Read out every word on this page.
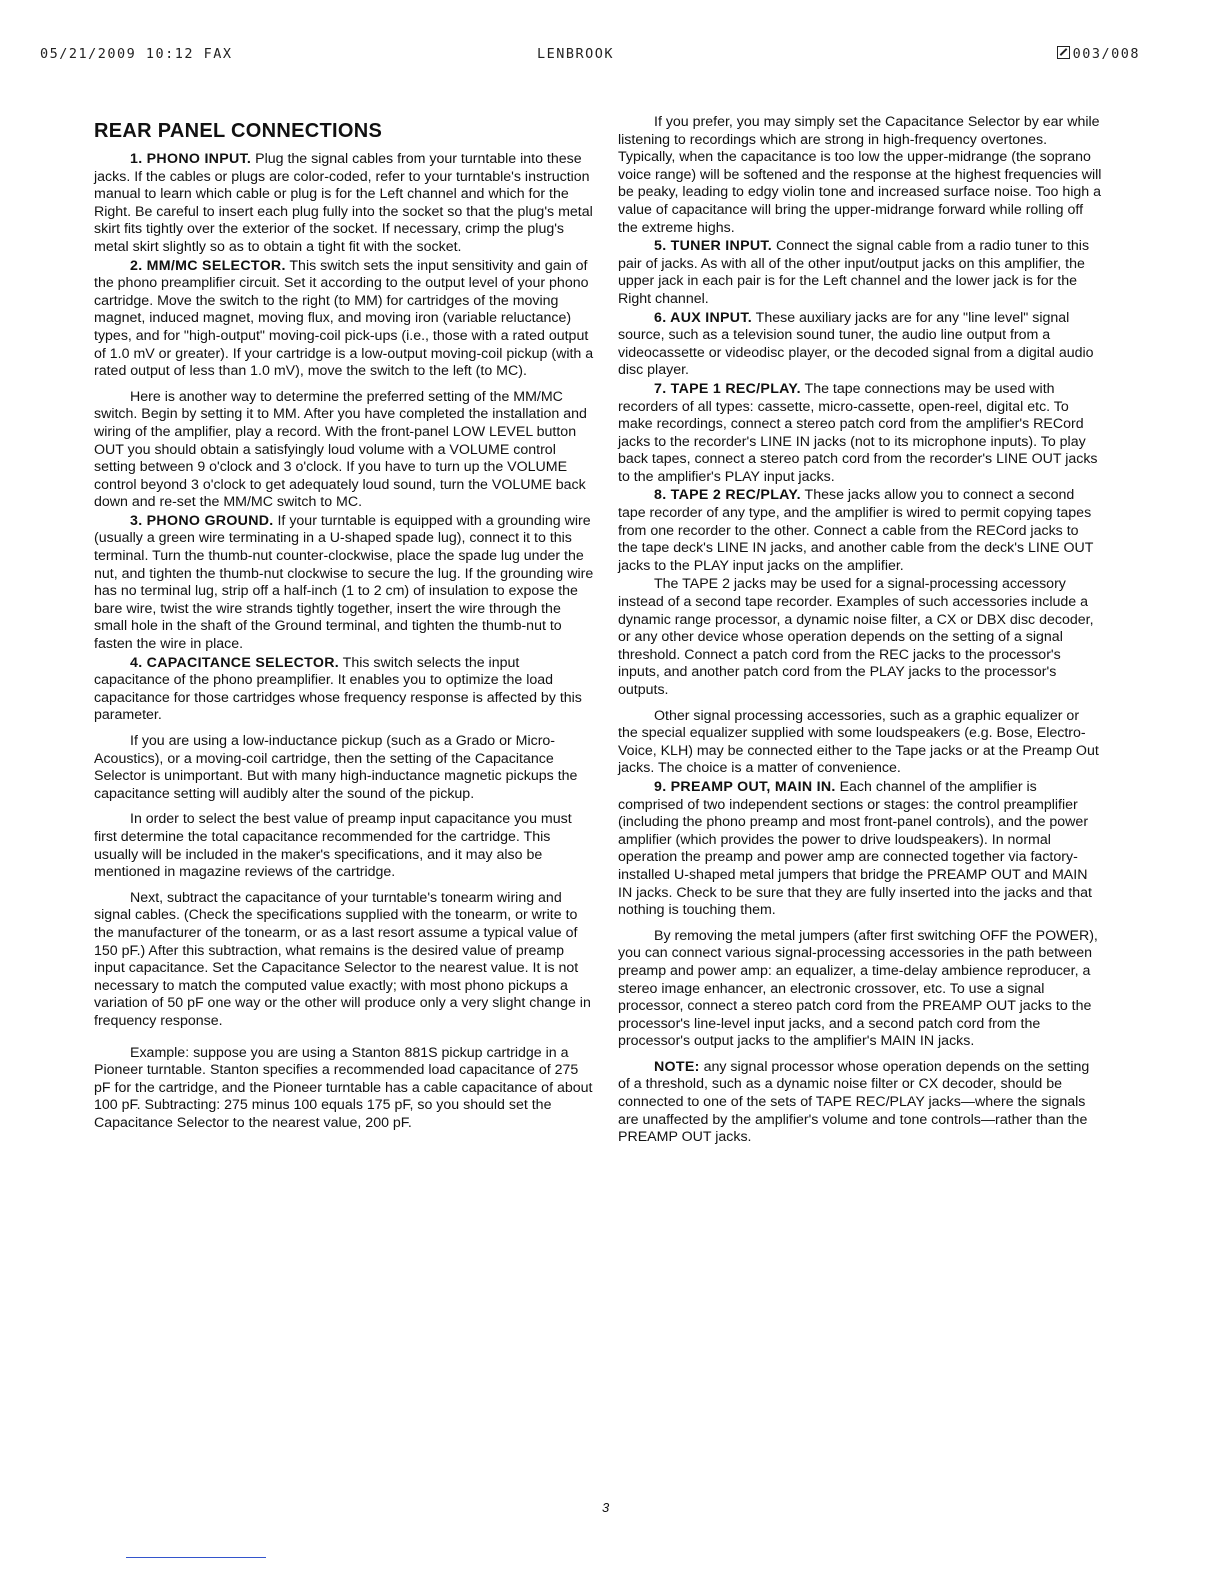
05/21/2009 10:12 FAX	LENBROOK	003/008
REAR PANEL CONNECTIONS

1. PHONO INPUT. Plug the signal cables from your turntable into these jacks. If the cables or plugs are color-coded, refer to your turntable's instruction manual to learn which cable or plug is for the Left channel and which for the Right. Be careful to insert each plug fully into the socket so that the plug's metal skirt fits tightly over the exterior of the socket. If necessary, crimp the plug's metal skirt slightly so as to obtain a tight fit with the socket.

2. MM/MC SELECTOR. This switch sets the input sensitivity and gain of the phono preamplifier circuit. Set it according to the output level of your phono cartridge. Move the switch to the right (to MM) for cartridges of the moving magnet, induced magnet, moving flux, and moving iron (variable reluctance) types, and for "high-output" moving-coil pick-ups (i.e., those with a rated output of 1.0 mV or greater). If your cartridge is a low-output moving-coil pickup (with a rated output of less than 1.0 mV), move the switch to the left (to MC).

Here is another way to determine the preferred setting of the MM/MC switch. Begin by setting it to MM. After you have completed the installation and wiring of the amplifier, play a record. With the front-panel LOW LEVEL button OUT you should obtain a satisfyingly loud volume with a VOLUME control setting between 9 o'clock and 3 o'clock. If you have to turn up the VOLUME control beyond 3 o'clock to get adequately loud sound, turn the VOLUME back down and re-set the MM/MC switch to MC.

3. PHONO GROUND. If your turntable is equipped with a grounding wire (usually a green wire terminating in a U-shaped spade lug), connect it to this terminal. Turn the thumb-nut counter-clockwise, place the spade lug under the nut, and tighten the thumb-nut clockwise to secure the lug. If the grounding wire has no terminal lug, strip off a half-inch (1 to 2 cm) of insulation to expose the bare wire, twist the wire strands tightly together, insert the wire through the small hole in the shaft of the Ground terminal, and tighten the thumb-nut to fasten the wire in place.

4. CAPACITANCE SELECTOR. This switch selects the input capacitance of the phono preamplifier. It enables you to optimize the load capacitance for those cartridges whose frequency response is affected by this parameter.

If you are using a low-inductance pickup (such as a Grado or Micro-Acoustics), or a moving-coil cartridge, then the setting of the Capacitance Selector is unimportant. But with many high-inductance magnetic pickups the capacitance setting will audibly alter the sound of the pickup.

In order to select the best value of preamp input capacitance you must first determine the total capacitance recommended for the cartridge. This usually will be included in the maker's specifications, and it may also be mentioned in magazine reviews of the cartridge.

Next, subtract the capacitance of your turntable's tonearm wiring and signal cables. (Check the specifications supplied with the tonearm, or write to the manufacturer of the tonearm, or as a last resort assume a typical value of 150 pF.) After this subtraction, what remains is the desired value of preamp input capacitance. Set the Capacitance Selector to the nearest value. It is not necessary to match the computed value exactly; with most phono pickups a variation of 50 pF one way or the other will produce only a very slight change in frequency response.

Example: suppose you are using a Stanton 881S pickup cartridge in a Pioneer turntable. Stanton specifies a recommended load capacitance of 275 pF for the cartridge, and the Pioneer turntable has a cable capacitance of about 100 pF. Subtracting: 275 minus 100 equals 175 pF, so you should set the Capacitance Selector to the nearest value, 200 pF.

If you prefer, you may simply set the Capacitance Selector by ear while listening to recordings which are strong in high-frequency overtones. Typically, when the capacitance is too low the upper-midrange (the soprano voice range) will be softened and the response at the highest frequencies will be peaky, leading to edgy violin tone and increased surface noise. Too high a value of capacitance will bring the upper-midrange forward while rolling off the extreme highs.

5. TUNER INPUT. Connect the signal cable from a radio tuner to this pair of jacks. As with all of the other input/output jacks on this amplifier, the upper jack in each pair is for the Left channel and the lower jack is for the Right channel.

6. AUX INPUT. These auxiliary jacks are for any "line level" signal source, such as a television sound tuner, the audio line output from a videocassette or videodisc player, or the decoded signal from a digital audio disc player.

7. TAPE 1 REC/PLAY. The tape connections may be used with recorders of all types: cassette, micro-cassette, open-reel, digital etc. To make recordings, connect a stereo patch cord from the amplifier's RECord jacks to the recorder's LINE IN jacks (not to its microphone inputs). To play back tapes, connect a stereo patch cord from the recorder's LINE OUT jacks to the amplifier's PLAY input jacks.

8. TAPE 2 REC/PLAY. These jacks allow you to connect a second tape recorder of any type, and the amplifier is wired to permit copying tapes from one recorder to the other. Connect a cable from the RECord jacks to the tape deck's LINE IN jacks, and another cable from the deck's LINE OUT jacks to the PLAY input jacks on the amplifier.

The TAPE 2 jacks may be used for a signal-processing accessory instead of a second tape recorder. Examples of such accessories include a dynamic range processor, a dynamic noise filter, a CX or DBX disc decoder, or any other device whose operation depends on the setting of a signal threshold. Connect a patch cord from the REC jacks to the processor's inputs, and another patch cord from the PLAY jacks to the processor's outputs.

Other signal processing accessories, such as a graphic equalizer or the special equalizer supplied with some loudspeakers (e.g. Bose, Electro-Voice, KLH) may be connected either to the Tape jacks or at the Preamp Out jacks. The choice is a matter of convenience.

9. PREAMP OUT, MAIN IN. Each channel of the amplifier is comprised of two independent sections or stages: the control preamplifier (including the phono preamp and most front-panel controls), and the power amplifier (which provides the power to drive loudspeakers). In normal operation the preamp and power amp are connected together via factory-installed U-shaped metal jumpers that bridge the PREAMP OUT and MAIN IN jacks. Check to be sure that they are fully inserted into the jacks and that nothing is touching them.

By removing the metal jumpers (after first switching OFF the POWER), you can connect various signal-processing accessories in the path between preamp and power amp: an equalizer, a time-delay ambience reproducer, a stereo image enhancer, an electronic crossover, etc. To use a signal processor, connect a stereo patch cord from the PREAMP OUT jacks to the processor's line-level input jacks, and a second patch cord from the processor's output jacks to the amplifier's MAIN IN jacks.

NOTE: any signal processor whose operation depends on the setting of a threshold, such as a dynamic noise filter or CX decoder, should be connected to one of the sets of TAPE REC/PLAY jacks—where the signals are unaffected by the amplifier's volume and tone controls—rather than the PREAMP OUT jacks.

3
